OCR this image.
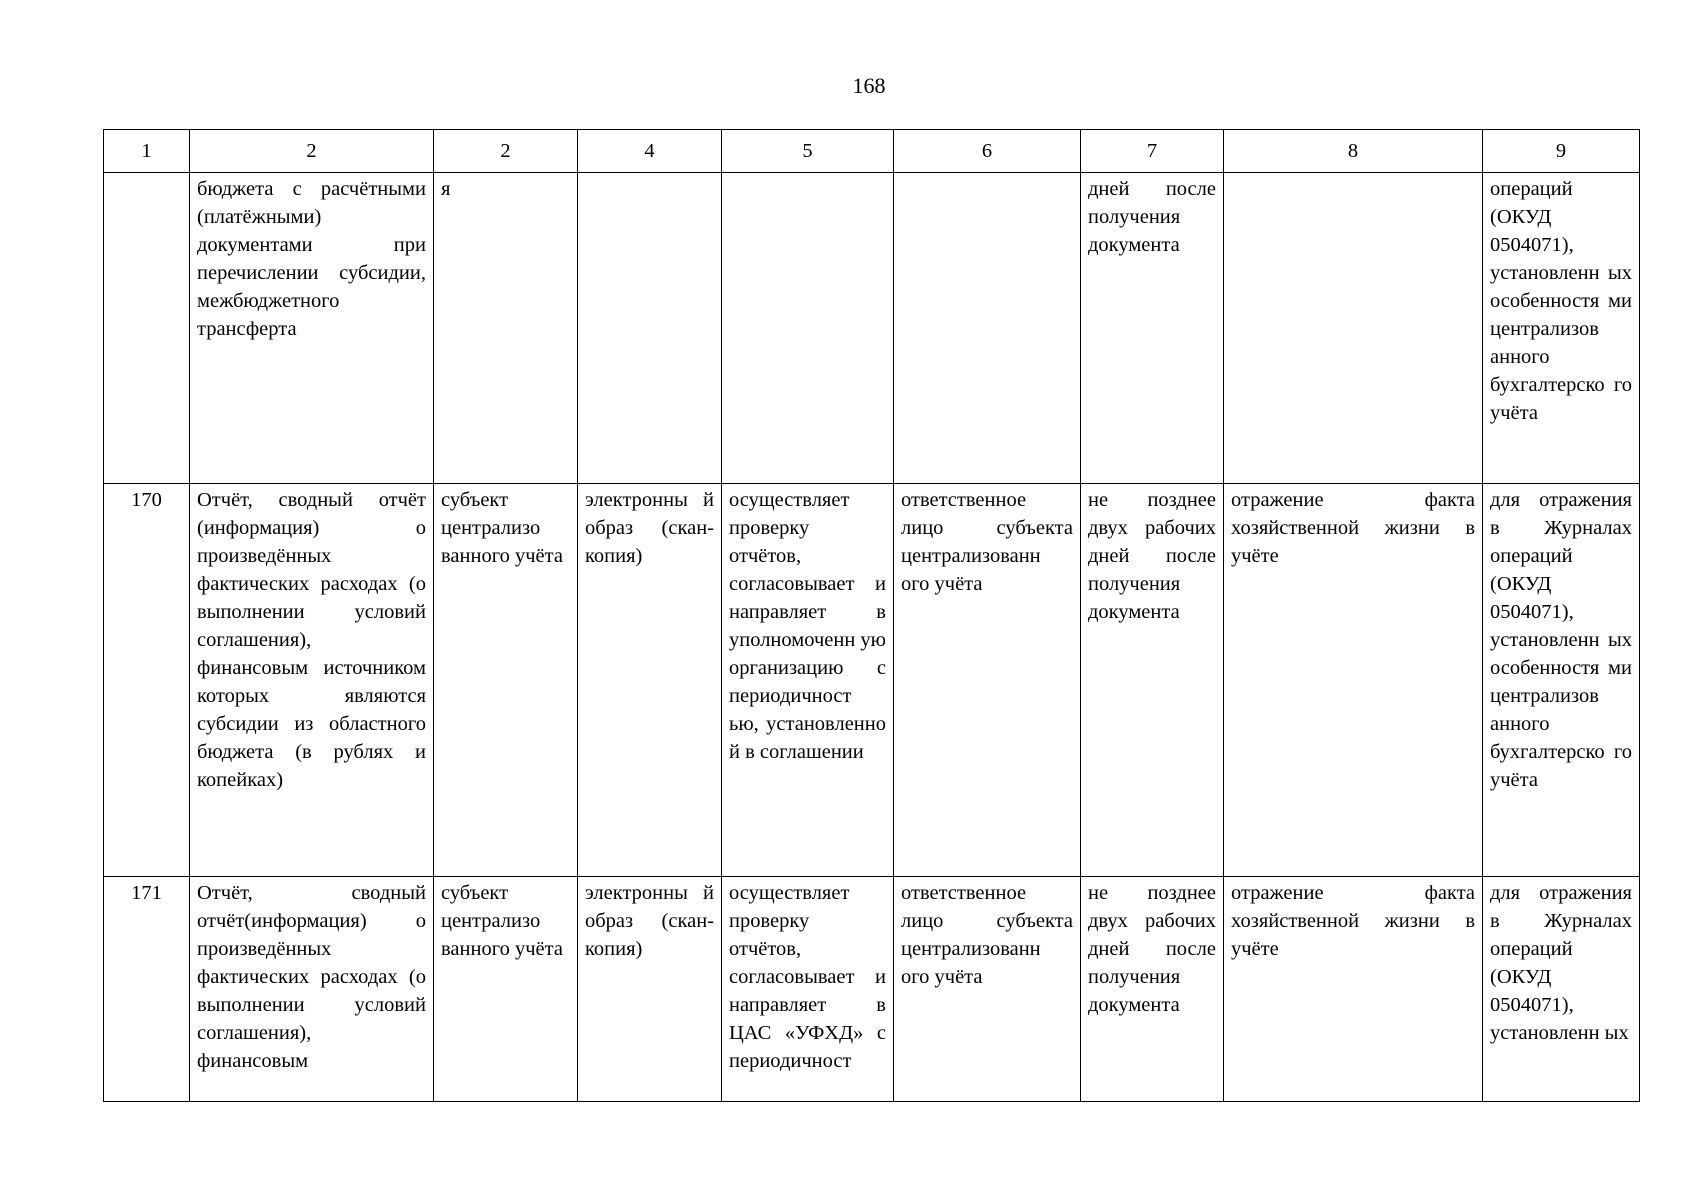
168
1	2	2	4	5	6	7	8	9
	бюджета с расчётными (платёжными) документами при перечислении субсидии, межбюджетного трансферта	я				дней после получения документа		операций (ОКУД 0504071), установленн ых особенностя ми централизов анного бухгалтерско го учёта
170	Отчёт, сводный отчёт (информация) о произведённых фактических расходах (о выполнении условий соглашения), финансовым источником которых являются субсидии из областного бюджета (в рублях и копейках)	субъект централизо ванного учёта	электронны й образ (скан-копия)	осуществляет проверку отчётов, согласовывает и направляет в уполномоченн ую организацию с периодичност ью, установленно й в соглашении	ответственное лицо субъекта централизованн ого учёта	не позднее двух рабочих дней после получения документа	отражение факта хозяйственной жизни в учёте	для отражения в Журналах операций (ОКУД 0504071), установленн ых особенностя ми централизов анного бухгалтерско го учёта
171	Отчёт, сводный отчёт(информация) о произведённых фактических расходах (о выполнении условий соглашения), финансовым	субъект централизо ванного учёта	электронны й образ (скан-копия)	осуществляет проверку отчётов, согласовывает и направляет в ЦАС «УФХД» с периодичност	ответственное лицо субъекта централизованн ого учёта	не позднее двух рабочих дней после получения документа	отражение факта хозяйственной жизни в учёте	для отражения в Журналах операций (ОКУД 0504071), установленн ых
